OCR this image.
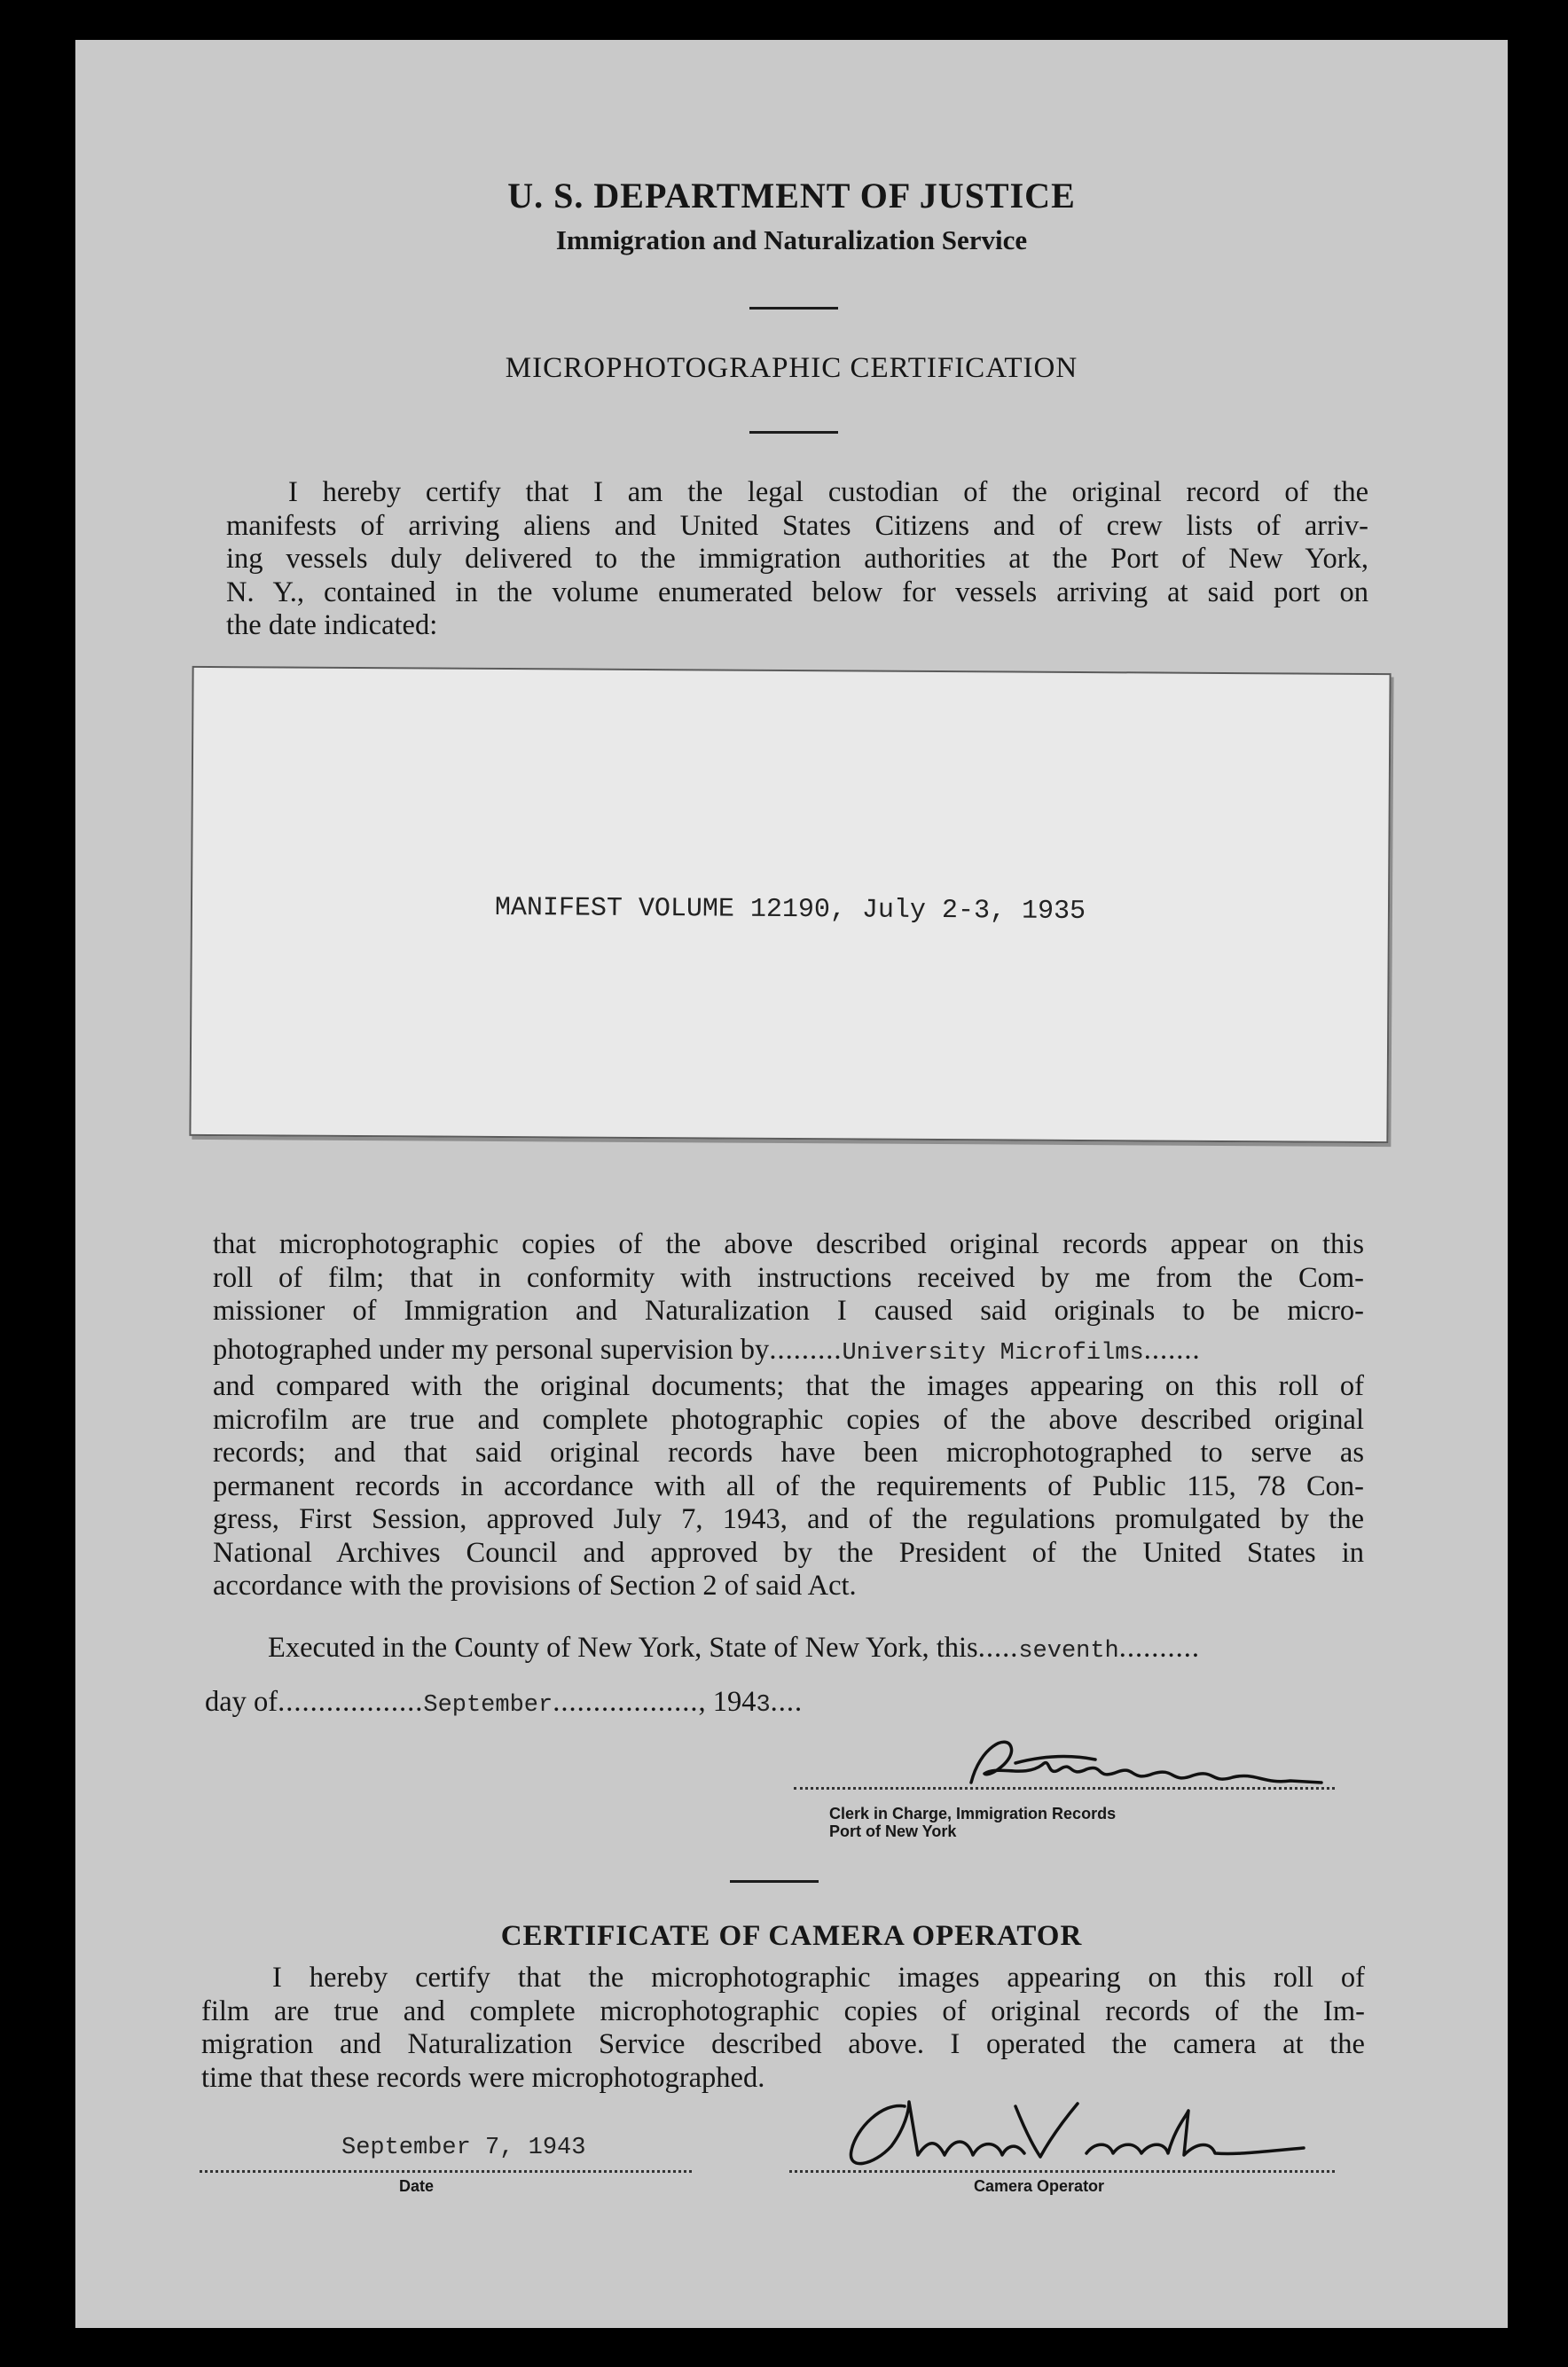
U. S. DEPARTMENT OF JUSTICE
Immigration and Naturalization Service
MICROPHOTOGRAPHIC CERTIFICATION
I hereby certify that I am the legal custodian of the original record of the
manifests of arriving aliens and United States Citizens and of crew lists of arriv-
ing vessels duly delivered to the immigration authorities at the Port of New York,
N. Y., contained in the volume enumerated below for vessels arriving at said port on
the date indicated:
MANIFEST VOLUME 12190, July 2-3, 1935
that microphotographic copies of the above described original records appear on this
roll of film; that in conformity with instructions received by me from the Com-
missioner of Immigration and Naturalization I caused said originals to be micro-
photographed under my personal supervision by.........University Microfilms.......
and compared with the original documents; that the images appearing on this roll of
microfilm are true and complete photographic copies of the above described original
records; and that said original records have been microphotographed to serve as
permanent records in accordance with all of the requirements of Public 115, 78 Con-
gress, First Session, approved July 7, 1943, and of the regulations promulgated by the
National Archives Council and approved by the President of the United States in
accordance with the provisions of Section 2 of said Act.
Executed in the County of New York, State of New York, this.....seventh..........
day of..................September.................., 1943....
Clerk in Charge, Immigration Records
Port of New York
CERTIFICATE OF CAMERA OPERATOR
I hereby certify that the microphotographic images appearing on this roll of
film are true and complete microphotographic copies of original records of the Im-
migration and Naturalization Service described above. I operated the camera at the
time that these records were microphotographed.
September 7, 1943
Date	Camera Operator
